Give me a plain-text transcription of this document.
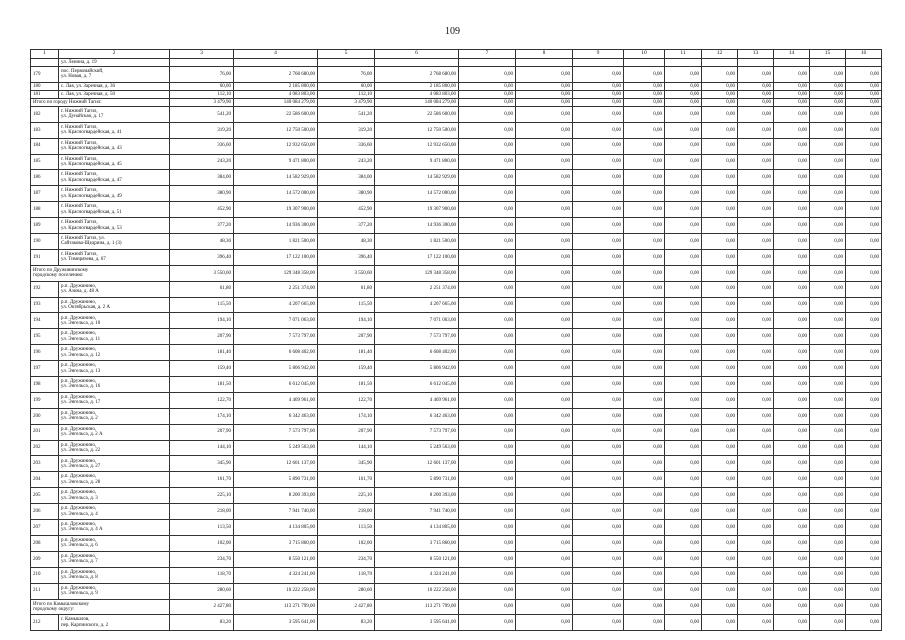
109
1	2	3	4	5	6	7	8	9	10	11	12	13	14	15	16
	ул. Ленина, д. 19														
179	пос. Первомайский,
ул. Новая, д. 7	76,00	2 768 680,00	76,00	2 768 680,00	0,00	0,00	0,00	0,00	0,00	0,00	0,00	0,00	0,00	0,00
180	с. Лая, ул. Заречная, д. 36	60,00	2 185 800,00	60,00	2 185 800,00	0,00	0,00	0,00	0,00	0,00	0,00	0,00	0,00	0,00	0,00
181	с. Лая, ул. Заречная, д. 50	112,10	4 083 803,00	112,10	4 083 803,00	0,00	0,00	0,00	0,00	0,00	0,00	0,00	0,00	0,00	0,00
Итого по городу Нижний Тагил:		3 479,90	140 084 279,00	3 479,90	140 084 279,00	0,00	0,00	0,00	0,00	0,00	0,00	0,00	0,00	0,00	0,00
182	г. Нижний Тагил,
ул. Дунайская, д. 17	541,20	22 586 600,00	541,20	22 586 600,00	0,00	0,00	0,00	0,00	0,00	0,00	0,00	0,00	0,00	0,00
183	г. Нижний Тагил,
ул. Красногвардейская, д. 41	319,20	12 750 500,00	319,20	12 750 500,00	0,00	0,00	0,00	0,00	0,00	0,00	0,00	0,00	0,00	0,00
184	г. Нижний Тагил,
ул. Красногвардейская, д. 43	336,60	12 932 650,00	336,60	12 932 650,00	0,00	0,00	0,00	0,00	0,00	0,00	0,00	0,00	0,00	0,00
185	г. Нижний Тагил,
ул. Красногвардейская, д. 45	243,20	9 471 800,00	243,20	9 471 800,00	0,00	0,00	0,00	0,00	0,00	0,00	0,00	0,00	0,00	0,00
186	г. Нижний Тагил,
ул. Красногвардейская, д. 47	384,00	14 582 929,00	384,00	14 582 929,00	0,00	0,00	0,00	0,00	0,00	0,00	0,00	0,00	0,00	0,00
187	г. Нижний Тагил,
ул. Красногвардейская, д. 49	380,90	14 572 000,00	380,90	14 572 000,00	0,00	0,00	0,00	0,00	0,00	0,00	0,00	0,00	0,00	0,00
188	г. Нижний Тагил,
ул. Красногвардейская, д. 51	452,90	19 307 900,00	452,90	19 307 900,00	0,00	0,00	0,00	0,00	0,00	0,00	0,00	0,00	0,00	0,00
189	г. Нижний Тагил,
ул. Красногвардейская, д. 53	377,20	14 936 300,00	377,20	14 936 300,00	0,00	0,00	0,00	0,00	0,00	0,00	0,00	0,00	0,00	0,00
190	г. Нижний Тагил, ул.
Сайтакова-Щедрина, д. 1 (3)	48,30	1 821 500,00	48,30	1 821 500,00	0,00	0,00	0,00	0,00	0,00	0,00	0,00	0,00	0,00	0,00
191	г. Нижний Тагил,
ул. Тимирязева, д. 67	396,40	17 122 100,00	396,40	17 122 100,00	0,00	0,00	0,00	0,00	0,00	0,00	0,00	0,00	0,00	0,00
Итого по Дружининскому
городскому поселению:		3 550,60	129 348 358,00	3 550,60	129 348 358,00	0,00	0,00	0,00	0,00	0,00	0,00	0,00	0,00	0,00	0,00
192	р.п. Дружинино,
ул. Азина, д. 48 А	61,80	2 251 374,00	61,80	2 251 374,00	0,00	0,00	0,00	0,00	0,00	0,00	0,00	0,00	0,00	0,00
193	р.п. Дружинино,
ул. Октябрьская, д. 2 А	115,50	4 207 665,00	115,50	4 207 665,00	0,00	0,00	0,00	0,00	0,00	0,00	0,00	0,00	0,00	0,00
194	р.п. Дружинино,
ул. Энгельса, д. 10	194,10	7 071 063,00	194,10	7 071 063,00	0,00	0,00	0,00	0,00	0,00	0,00	0,00	0,00	0,00	0,00
195	р.п. Дружинино,
ул. Энгельса, д. 11	207,90	7 573 797,00	207,90	7 573 797,00	0,00	0,00	0,00	0,00	0,00	0,00	0,00	0,00	0,00	0,00
196	р.п. Дружинино,
ул. Энгельса, д. 12	181,40	6 608 402,00	181,40	6 608 402,00	0,00	0,00	0,00	0,00	0,00	0,00	0,00	0,00	0,00	0,00
197	р.п. Дружинино,
ул. Энгельса, д. 13	159,40	5 806 942,00	159,40	5 806 942,00	0,00	0,00	0,00	0,00	0,00	0,00	0,00	0,00	0,00	0,00
198	р.п. Дружинино,
ул. Энгельса, д. 16	181,50	6 612 045,00	181,50	6 612 045,00	0,00	0,00	0,00	0,00	0,00	0,00	0,00	0,00	0,00	0,00
199	р.п. Дружинино,
ул. Энгельса, д. 17	122,70	4 469 961,00	122,70	4 469 961,00	0,00	0,00	0,00	0,00	0,00	0,00	0,00	0,00	0,00	0,00
200	р.п. Дружинино,
ул. Энгельса, д. 2	174,10	6 342 463,00	174,10	6 342 463,00	0,00	0,00	0,00	0,00	0,00	0,00	0,00	0,00	0,00	0,00
201	р.п. Дружинино,
ул. Энгельса, д. 2 А	207,90	7 573 797,00	207,90	7 573 797,00	0,00	0,00	0,00	0,00	0,00	0,00	0,00	0,00	0,00	0,00
202	р.п. Дружинино,
ул. Энгельса, д. 22	144,10	5 249 563,00	144,10	5 249 563,00	0,00	0,00	0,00	0,00	0,00	0,00	0,00	0,00	0,00	0,00
203	р.п. Дружинино,
ул. Энгельса, д. 27	345,90	12 601 137,00	345,90	12 601 137,00	0,00	0,00	0,00	0,00	0,00	0,00	0,00	0,00	0,00	0,00
204	р.п. Дружинино,
ул. Энгельса, д. 28	161,70	5 890 731,00	161,70	5 890 731,00	0,00	0,00	0,00	0,00	0,00	0,00	0,00	0,00	0,00	0,00
205	р.п. Дружинино,
ул. Энгельса, д. 3	225,10	8 200 393,00	225,10	8 200 393,00	0,00	0,00	0,00	0,00	0,00	0,00	0,00	0,00	0,00	0,00
206	р.п. Дружинино,
ул. Энгельса, д. 4	218,00	7 941 740,00	218,00	7 941 740,00	0,00	0,00	0,00	0,00	0,00	0,00	0,00	0,00	0,00	0,00
207	р.п. Дружинино,
ул. Энгельса, д. 4 А	113,50	4 134 805,00	113,50	4 134 805,00	0,00	0,00	0,00	0,00	0,00	0,00	0,00	0,00	0,00	0,00
208	р.п. Дружинино,
ул. Энгельса, д. 6	102,00	3 715 860,00	102,00	3 715 860,00	0,00	0,00	0,00	0,00	0,00	0,00	0,00	0,00	0,00	0,00
209	р.п. Дружинино,
ул. Энгельса, д. 7	234,70	8 550 121,00	234,70	8 550 121,00	0,00	0,00	0,00	0,00	0,00	0,00	0,00	0,00	0,00	0,00
210	р.п. Дружинино,
ул. Энгельса, д. 8	118,70	4 324 241,00	118,70	4 324 241,00	0,00	0,00	0,00	0,00	0,00	0,00	0,00	0,00	0,00	0,00
211	р.п. Дружинино,
ул. Энгельса, д. 9	280,60	10 222 258,00	280,60	10 222 258,00	0,00	0,00	0,00	0,00	0,00	0,00	0,00	0,00	0,00	0,00
Итого по Камышловскому
городскому округу:		2 427,80	113 271 799,00	2 427,80	113 271 799,00	0,00	0,00	0,00	0,00	0,00	0,00	0,00	0,00	0,00	0,00
212	г. Камышлов,
пер. Карпинского, д. 2	83,20	3 595 641,00	83,20	3 595 641,00	0,00	0,00	0,00	0,00	0,00	0,00	0,00	0,00	0,00	0,00
